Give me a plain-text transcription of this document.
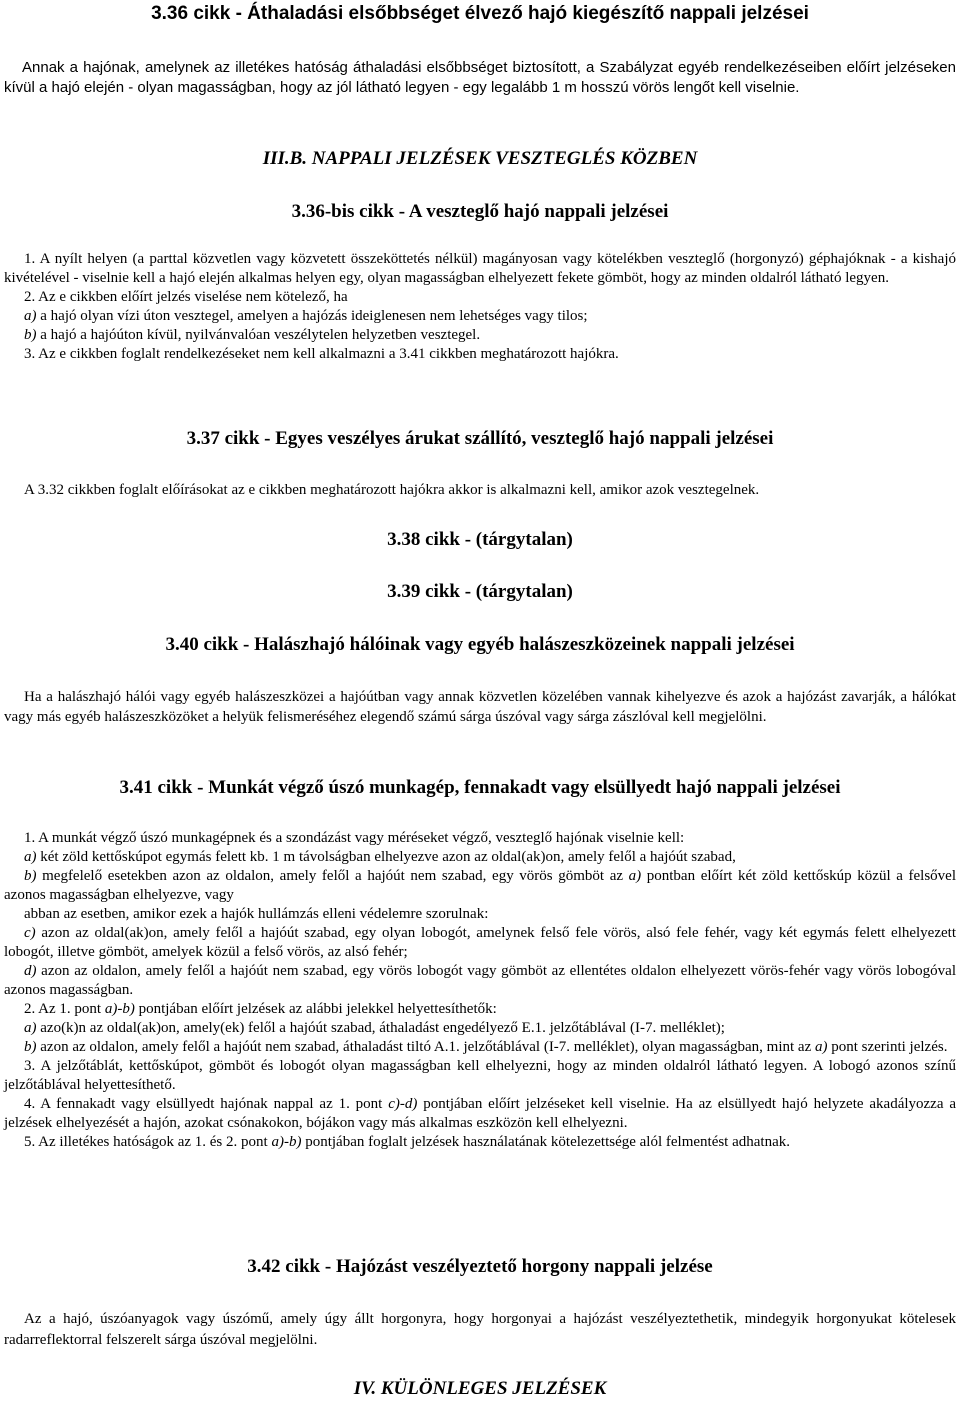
3.36 cikk - Áthaladási elsőbbséget élvező hajó kiegészítő nappali jelzései

Annak a hajónak, amelynek az illetékes hatóság áthaladási elsőbbséget biztosított, a Szabályzat egyéb rendelkezéseiben előírt jelzéseken kívül a hajó elején - olyan magasságban, hogy az jól látható legyen - egy legalább 1 m hosszú vörös lengőt kell viselnie.

III.B. NAPPALI JELZÉSEK VESZTEGLÉS KÖZBEN
3.36-bis cikk - A veszteglő hajó nappali jelzései

1. A nyílt helyen (a parttal közvetlen vagy közvetett összeköttetés nélkül) magányosan vagy kötelékben veszteglő (horgonyzó) géphajóknak - a kishajó kivételével - viselnie kell a hajó elején alkalmas helyen egy, olyan magasságban elhelyezett fekete gömböt, hogy az minden oldalról látható legyen.

2. Az e cikkben előírt jelzés viselése nem kötelező, ha

a) a hajó olyan vízi úton vesztegel, amelyen a hajózás ideiglenesen nem lehetséges vagy tilos;

b) a hajó a hajóúton kívül, nyilvánvalóan veszélytelen helyzetben vesztegel.

3. Az e cikkben foglalt rendelkezéseket nem kell alkalmazni a 3.41 cikkben meghatározott hajókra.

3.37 cikk - Egyes veszélyes árukat szállító, veszteglő hajó nappali jelzései

A 3.32 cikkben foglalt előírásokat az e cikkben meghatározott hajókra akkor is alkalmazni kell, amikor azok vesztegelnek.

3.38 cikk - (tárgytalan)
3.39 cikk - (tárgytalan)
3.40 cikk - Halászhajó hálóinak vagy egyéb halászeszközeinek nappali jelzései

Ha a halászhajó hálói vagy egyéb halászeszközei a hajóútban vagy annak közvetlen közelében vannak kihelyezve és azok a hajózást zavarják, a hálókat vagy más egyéb halászeszközöket a helyük felismeréséhez elegendő számú sárga úszóval vagy sárga zászlóval kell megjelölni.

3.41 cikk - Munkát végző úszó munkagép, fennakadt vagy elsüllyedt hajó nappali jelzései

1. A munkát végző úszó munkagépnek és a szondázást vagy méréseket végző, veszteglő hajónak viselnie kell:

a) két zöld kettőskúpot egymás felett kb. 1 m távolságban elhelyezve azon az oldal(ak)on, amely felől a hajóút szabad,

b) megfelelő esetekben azon az oldalon, amely felől a hajóút nem szabad, egy vörös gömböt az a) pontban előírt két zöld kettőskúp közül a felsővel azonos magasságban elhelyezve, vagy

abban az esetben, amikor ezek a hajók hullámzás elleni védelemre szorulnak:

c) azon az oldal(ak)on, amely felől a hajóút szabad, egy olyan lobogót, amelynek felső fele vörös, alsó fele fehér, vagy két egymás felett elhelyezett lobogót, illetve gömböt, amelyek közül a felső vörös, az alsó fehér;

d) azon az oldalon, amely felől a hajóút nem szabad, egy vörös lobogót vagy gömböt az ellentétes oldalon elhelyezett vörös-fehér vagy vörös lobogóval azonos magasságban.

2. Az 1. pont a)-b) pontjában előírt jelzések az alábbi jelekkel helyettesíthetők:

a) azo(k)n az oldal(ak)on, amely(ek) felől a hajóút szabad, áthaladást engedélyező E.1. jelzőtáblával (I-7. melléklet);

b) azon az oldalon, amely felől a hajóút nem szabad, áthaladást tiltó A.1. jelzőtáblával (I-7. melléklet), olyan magasságban, mint az a) pont szerinti jelzés.

3. A jelzőtáblát, kettőskúpot, gömböt és lobogót olyan magasságban kell elhelyezni, hogy az minden oldalról látható legyen. A lobogó azonos színű jelzőtáblával helyettesíthető.

4. A fennakadt vagy elsüllyedt hajónak nappal az 1. pont c)-d) pontjában előírt jelzéseket kell viselnie. Ha az elsüllyedt hajó helyzete akadályozza a jelzések elhelyezését a hajón, azokat csónakokon, bójákon vagy más alkalmas eszközön kell elhelyezni.

5. Az illetékes hatóságok az 1. és 2. pont a)-b) pontjában foglalt jelzések használatának kötelezettsége alól felmentést adhatnak.

3.42 cikk - Hajózást veszélyeztető horgony nappali jelzése

Az a hajó, úszóanyagok vagy úszómű, amely úgy állt horgonyra, hogy horgonyai a hajózást veszélyeztethetik, mindegyik horgonyukat kötelesek radarreflektorral felszerelt sárga úszóval megjelölni.

IV. KÜLÖNLEGES JELZÉSEK
